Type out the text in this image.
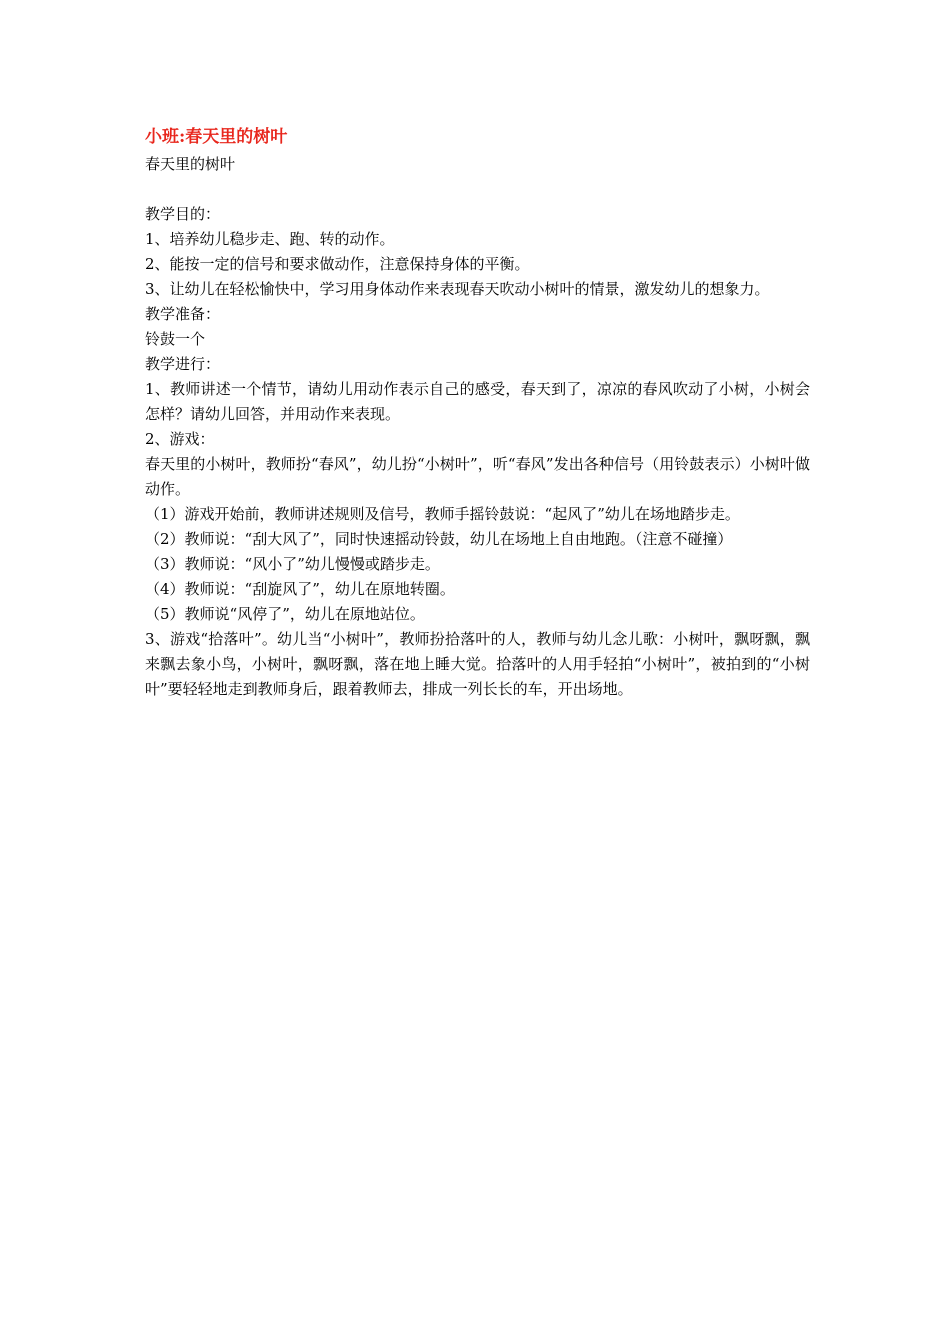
小班:春天里的树叶

春天里的树叶

教学目的：

1、培养幼儿稳步走、跑、转的动作。

2、能按一定的信号和要求做动作，注意保持身体的平衡。

3、让幼儿在轻松愉快中，学习用身体动作来表现春天吹动小树叶的情景，激发幼儿的想象力。

教学准备：

铃鼓一个

教学进行：

1、教师讲述一个情节，请幼儿用动作表示自己的感受，春天到了，凉凉的春风吹动了小树，小树会怎样？请幼儿回答，并用动作来表现。

2、游戏：

春天里的小树叶，教师扮“春风”，幼儿扮“小树叶”，听“春风”发出各种信号（用铃鼓表示）小树叶做动作。

（1）游戏开始前，教师讲述规则及信号，教师手摇铃鼓说：“起风了”幼儿在场地踏步走。

（2）教师说：“刮大风了”，同时快速摇动铃鼓，幼儿在场地上自由地跑。（注意不碰撞）

（3）教师说：“风小了”幼儿慢慢或踏步走。

（4）教师说：“刮旋风了”，幼儿在原地转圈。

（5）教师说“风停了”，幼儿在原地站位。

3、游戏“拾落叶”。幼儿当“小树叶”，教师扮拾落叶的人，教师与幼儿念儿歌：小树叶，飘呀飘，飘来飘去象小鸟，小树叶，飘呀飘，落在地上睡大觉。拾落叶的人用手轻拍“小树叶”，被拍到的“小树叶”要轻轻地走到教师身后，跟着教师去，排成一列长长的车，开出场地。
